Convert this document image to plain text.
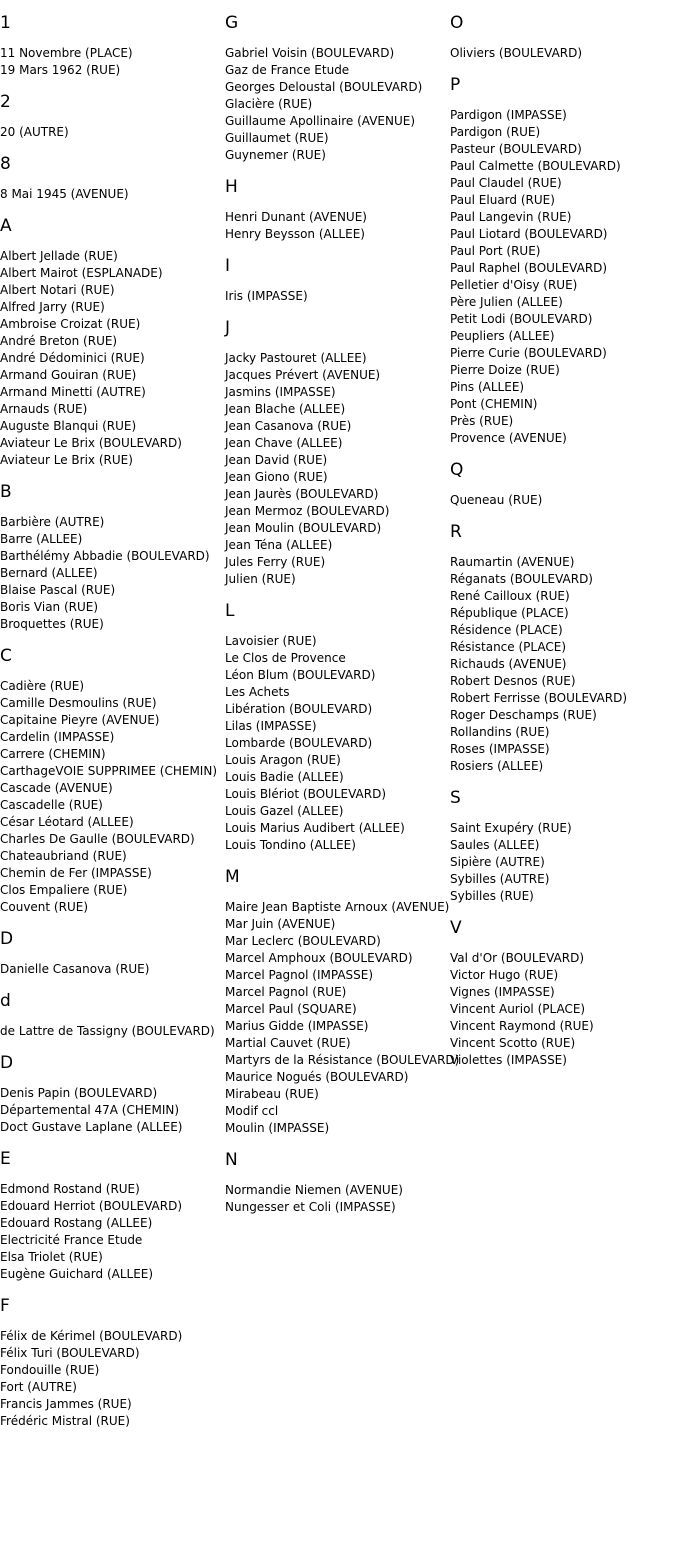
1
11 Novembre (PLACE)
19 Mars 1962 (RUE)
2
20 (AUTRE)
8
8 Mai 1945 (AVENUE)
A
Albert Jellade (RUE)
Albert Mairot (ESPLANADE)
Albert Notari (RUE)
Alfred Jarry (RUE)
Ambroise Croizat (RUE)
André Breton (RUE)
André Dédominici (RUE)
Armand Gouiran (RUE)
Armand Minetti (AUTRE)
Arnauds (RUE)
Auguste Blanqui (RUE)
Aviateur Le Brix (BOULEVARD)
Aviateur Le Brix (RUE)
B
Barbière (AUTRE)
Barre (ALLEE)
Barthélémy Abbadie (BOULEVARD)
Bernard (ALLEE)
Blaise Pascal (RUE)
Boris Vian (RUE)
Broquettes (RUE)
C
Cadière (RUE)
Camille Desmoulins (RUE)
Capitaine Pieyre (AVENUE)
Cardelin (IMPASSE)
Carrere (CHEMIN)
CarthageVOIE SUPPRIMEE (CHEMIN)
Cascade (AVENUE)
Cascadelle (RUE)
César Léotard (ALLEE)
Charles De Gaulle (BOULEVARD)
Chateaubriand (RUE)
Chemin de Fer (IMPASSE)
Clos Empaliere (RUE)
Couvent (RUE)
D
Danielle Casanova (RUE)
d
de Lattre de Tassigny (BOULEVARD)
D
Denis Papin (BOULEVARD)
Départemental 47A (CHEMIN)
Doct Gustave Laplane (ALLEE)
E
Edmond Rostand (RUE)
Edouard Herriot (BOULEVARD)
Edouard Rostang (ALLEE)
Electricité France Etude
Elsa Triolet (RUE)
Eugène Guichard (ALLEE)
F
Félix de Kérimel (BOULEVARD)
Félix Turi (BOULEVARD)
Fondouille (RUE)
Fort (AUTRE)
Francis Jammes (RUE)
Frédéric Mistral (RUE)
G
Gabriel Voisin (BOULEVARD)
Gaz de France Etude
Georges Deloustal (BOULEVARD)
Glacière (RUE)
Guillaume Apollinaire (AVENUE)
Guillaumet (RUE)
Guynemer (RUE)
H
Henri Dunant (AVENUE)
Henry Beysson (ALLEE)
I
Iris (IMPASSE)
J
Jacky Pastouret (ALLEE)
Jacques Prévert (AVENUE)
Jasmins (IMPASSE)
Jean Blache (ALLEE)
Jean Casanova (RUE)
Jean Chave (ALLEE)
Jean David (RUE)
Jean Giono (RUE)
Jean Jaurès (BOULEVARD)
Jean Mermoz (BOULEVARD)
Jean Moulin (BOULEVARD)
Jean Téna (ALLEE)
Jules Ferry (RUE)
Julien (RUE)
L
Lavoisier (RUE)
Le Clos de Provence
Léon Blum (BOULEVARD)
Les Achets
Libération (BOULEVARD)
Lilas (IMPASSE)
Lombarde (BOULEVARD)
Louis Aragon (RUE)
Louis Badie (ALLEE)
Louis Blériot (BOULEVARD)
Louis Gazel (ALLEE)
Louis Marius Audibert (ALLEE)
Louis Tondino (ALLEE)
M
Maire Jean Baptiste Arnoux (AVENUE)
Mar Juin (AVENUE)
Mar Leclerc (BOULEVARD)
Marcel Amphoux (BOULEVARD)
Marcel Pagnol (IMPASSE)
Marcel Pagnol (RUE)
Marcel Paul (SQUARE)
Marius Gidde (IMPASSE)
Martial Cauvet (RUE)
Martyrs de la Résistance (BOULEVARD)
Maurice Nogués (BOULEVARD)
Mirabeau (RUE)
Modif ccl
Moulin (IMPASSE)
N
Normandie Niemen (AVENUE)
Nungesser et Coli (IMPASSE)
O
Oliviers (BOULEVARD)
P
Pardigon (IMPASSE)
Pardigon (RUE)
Pasteur (BOULEVARD)
Paul Calmette (BOULEVARD)
Paul Claudel (RUE)
Paul Eluard (RUE)
Paul Langevin (RUE)
Paul Liotard (BOULEVARD)
Paul Port (RUE)
Paul Raphel (BOULEVARD)
Pelletier d'Oisy (RUE)
Père Julien (ALLEE)
Petit Lodi (BOULEVARD)
Peupliers (ALLEE)
Pierre Curie (BOULEVARD)
Pierre Doize (RUE)
Pins (ALLEE)
Pont (CHEMIN)
Près (RUE)
Provence (AVENUE)
Q
Queneau (RUE)
R
Raumartin (AVENUE)
Réganats (BOULEVARD)
René Cailloux (RUE)
République (PLACE)
Résidence (PLACE)
Résistance (PLACE)
Richauds (AVENUE)
Robert Desnos (RUE)
Robert Ferrisse (BOULEVARD)
Roger Deschamps (RUE)
Rollandins (RUE)
Roses (IMPASSE)
Rosiers (ALLEE)
S
Saint Exupéry (RUE)
Saules (ALLEE)
Sipière (AUTRE)
Sybilles (AUTRE)
Sybilles (RUE)
V
Val d'Or (BOULEVARD)
Victor Hugo (RUE)
Vignes (IMPASSE)
Vincent Auriol (PLACE)
Vincent Raymond (RUE)
Vincent Scotto (RUE)
Violettes (IMPASSE)
